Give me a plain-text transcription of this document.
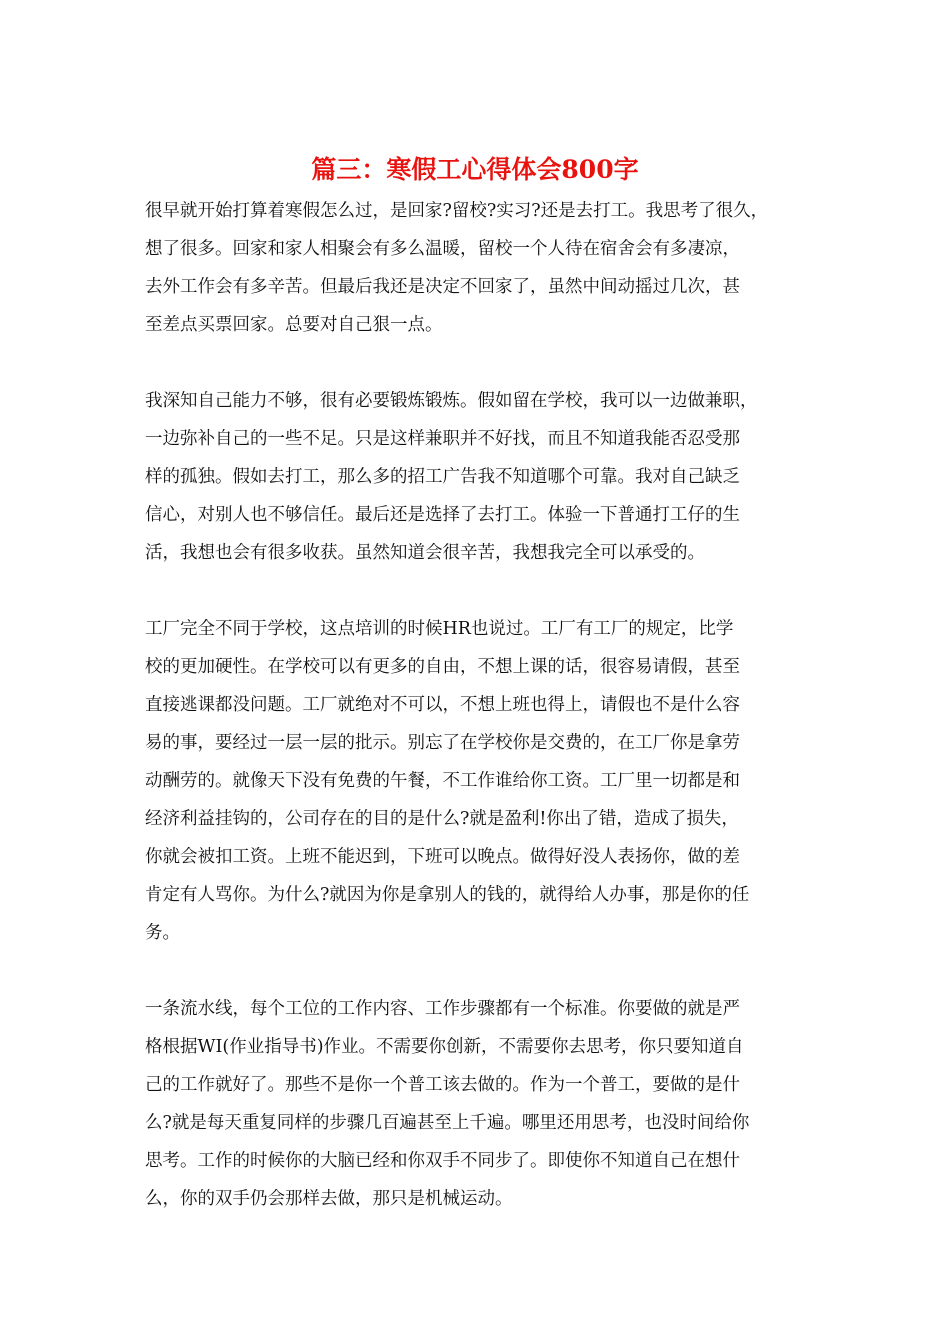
篇三：寒假工心得体会800字
很早就开始打算着寒假怎么过，是回家?留校?实习?还是去打工。我思考了很久，
想了很多。回家和家人相聚会有多么温暖，留校一个人待在宿舍会有多凄凉，
去外工作会有多辛苦。但最后我还是决定不回家了，虽然中间动摇过几次，甚
至差点买票回家。总要对自己狠一点。
我深知自己能力不够，很有必要锻炼锻炼。假如留在学校，我可以一边做兼职，
一边弥补自己的一些不足。只是这样兼职并不好找，而且不知道我能否忍受那
样的孤独。假如去打工，那么多的招工广告我不知道哪个可靠。我对自己缺乏
信心，对别人也不够信任。最后还是选择了去打工。体验一下普通打工仔的生
活，我想也会有很多收获。虽然知道会很辛苦，我想我完全可以承受的。
工厂完全不同于学校，这点培训的时候HR也说过。工厂有工厂的规定，比学
校的更加硬性。在学校可以有更多的自由，不想上课的话，很容易请假，甚至
直接逃课都没问题。工厂就绝对不可以，不想上班也得上，请假也不是什么容
易的事，要经过一层一层的批示。别忘了在学校你是交费的，在工厂你是拿劳
动酬劳的。就像天下没有免费的午餐，不工作谁给你工资。工厂里一切都是和
经济利益挂钩的，公司存在的目的是什么?就是盈利!你出了错，造成了损失，
你就会被扣工资。上班不能迟到，下班可以晚点。做得好没人表扬你，做的差
肯定有人骂你。为什么?就因为你是拿别人的钱的，就得给人办事，那是你的任
务。
一条流水线，每个工位的工作内容、工作步骤都有一个标准。你要做的就是严
格根据WI(作业指导书)作业。不需要你创新，不需要你去思考，你只要知道自
己的工作就好了。那些不是你一个普工该去做的。作为一个普工，要做的是什
么?就是每天重复同样的步骤几百遍甚至上千遍。哪里还用思考，也没时间给你
思考。工作的时候你的大脑已经和你双手不同步了。即使你不知道自己在想什
么，你的双手仍会那样去做，那只是机械运动。
